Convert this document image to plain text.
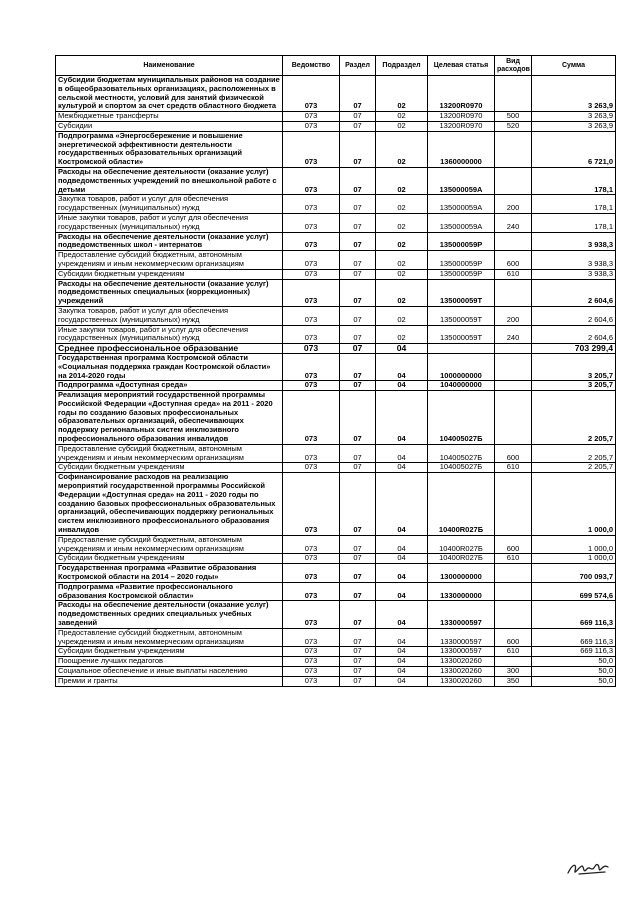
Наименование	Ведомство	Раздел	Подраздел	Целевая статья	Вид расходов	Сумма
Субсидии бюджетам муниципальных районов на создание в общеобразовательных организациях, расположенных в сельской местности, условий для занятий физической культурой и спортом за счет средств областного бюджета	073	07	02	13200R0970		3 263,9
Межбюджетные трансферты	073	07	02	13200R0970	500	3 263,9
Субсидии	073	07	02	13200R0970	520	3 263,9
Подпрограмма «Энергосбережение и повышение энергетической эффективности деятельности государственных образовательных организаций Костромской области»	073	07	02	1360000000		6 721,0
Расходы на обеспечение деятельности (оказание услуг) подведомственных учреждений по внешкольной работе с детьми	073	07	02	135000059А		178,1
Закупка товаров, работ и услуг для обеспечения государственных (муниципальных) нужд	073	07	02	135000059А	200	178,1
Иные закупки товаров, работ и услуг для обеспечения государственных (муниципальных) нужд	073	07	02	135000059А	240	178,1
Расходы на обеспечение деятельности (оказание услуг) подведомственных школ - интернатов	073	07	02	135000059Р		3 938,3
Предоставление субсидий бюджетным, автономным учреждениям и иным некоммерческим организациям	073	07	02	135000059Р	600	3 938,3
Субсидии бюджетным учреждениям	073	07	02	135000059Р	610	3 938,3
Расходы на обеспечение деятельности (оказание услуг) подведомственных специальных (коррекционных) учреждений	073	07	02	135000059Т		2 604,6
Закупка товаров, работ и услуг для обеспечения государственных (муниципальных) нужд	073	07	02	135000059Т	200	2 604,6
Иные закупки товаров, работ и услуг для обеспечения государственных (муниципальных) нужд	073	07	02	135000059Т	240	2 604,6
Среднее профессиональное образование	073	07	04			703 299,4
Государственная программа Костромской области «Социальная поддержка граждан Костромской области» на 2014-2020 годы	073	07	04	1000000000		3 205,7
Подпрограмма «Доступная среда»	073	07	04	1040000000		3 205,7
Реализация мероприятий государственной программы Российской Федерации «Доступная среда» на 2011 - 2020 годы по созданию базовых профессиональных образовательных организаций, обеспечивающих поддержку региональных систем инклюзивного профессионального образования инвалидов	073	07	04	104005027Б		2 205,7
Предоставление субсидий бюджетным, автономным учреждениям и иным некоммерческим организациям	073	07	04	104005027Б	600	2 205,7
Субсидии бюджетным учреждениям	073	07	04	104005027Б	610	2 205,7
Софинансирование расходов на реализацию мероприятий государственной программы Российской Федерации «Доступная среда» на 2011 - 2020 годы по созданию базовых профессиональных образовательных организаций, обеспечивающих поддержку региональных систем инклюзивного профессионального образования инвалидов	073	07	04	10400R027Б		1 000,0
Предоставление субсидий бюджетным, автономным учреждениям и иным некоммерческим организациям	073	07	04	10400R027Б	600	1 000,0
Субсидии бюджетным учреждениям	073	07	04	10400R027Б	610	1 000,0
Государственная программа «Развитие образования Костромской области на 2014 – 2020 годы»	073	07	04	1300000000		700 093,7
Подпрограмма «Развитие профессионального образования Костромской области»	073	07	04	1330000000		699 574,6
Расходы на обеспечение деятельности (оказание услуг) подведомственных средних специальных учебных заведений	073	07	04	1330000597		669 116,3
Предоставление субсидий бюджетным, автономным учреждениям и иным некоммерческим организациям	073	07	04	1330000597	600	669 116,3
Субсидии бюджетным учреждениям	073	07	04	1330000597	610	669 116,3
Поощрение лучших педагогов	073	07	04	1330020260		50,0
Социальное обеспечение и иные выплаты населению	073	07	04	1330020260	300	50,0
Премии и гранты	073	07	04	1330020260	350	50,0
